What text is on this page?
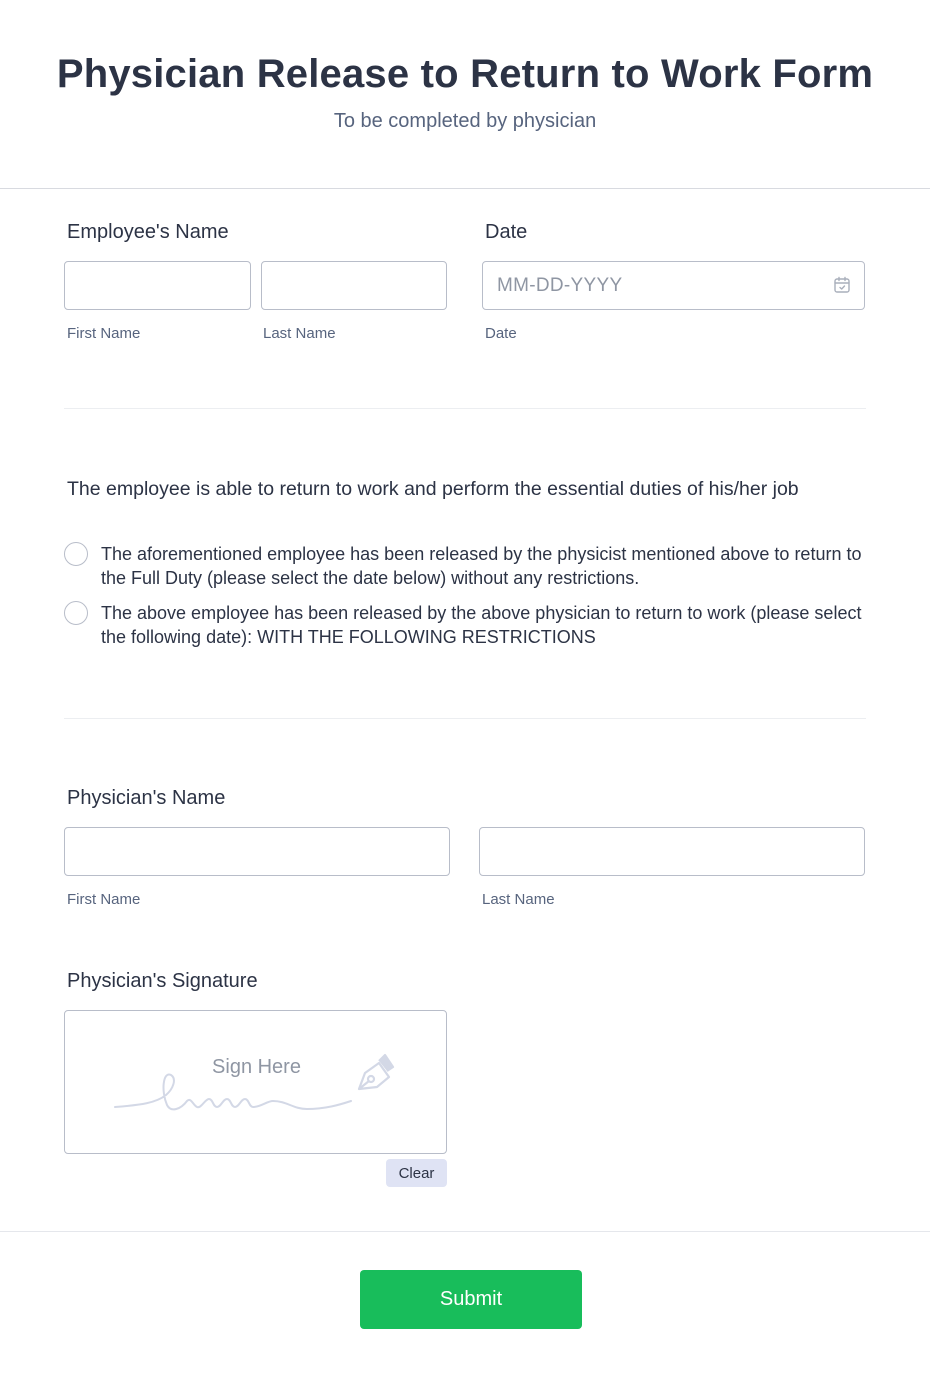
Physician Release to Return to Work Form
To be completed by physician
Employee's Name
First Name	Last Name
Date
MM-DD-YYYY
Date
The employee is able to return to work and perform the essential duties of his/her job
The aforementioned employee has been released by the physicist mentioned above to return to the Full Duty (please select the date below) without any restrictions.
The above employee has been released by the above physician to return to work (please select the following date): WITH THE FOLLOWING RESTRICTIONS
Physician's Name
First Name	Last Name
Physician's Signature
Sign Here
Clear
Submit
